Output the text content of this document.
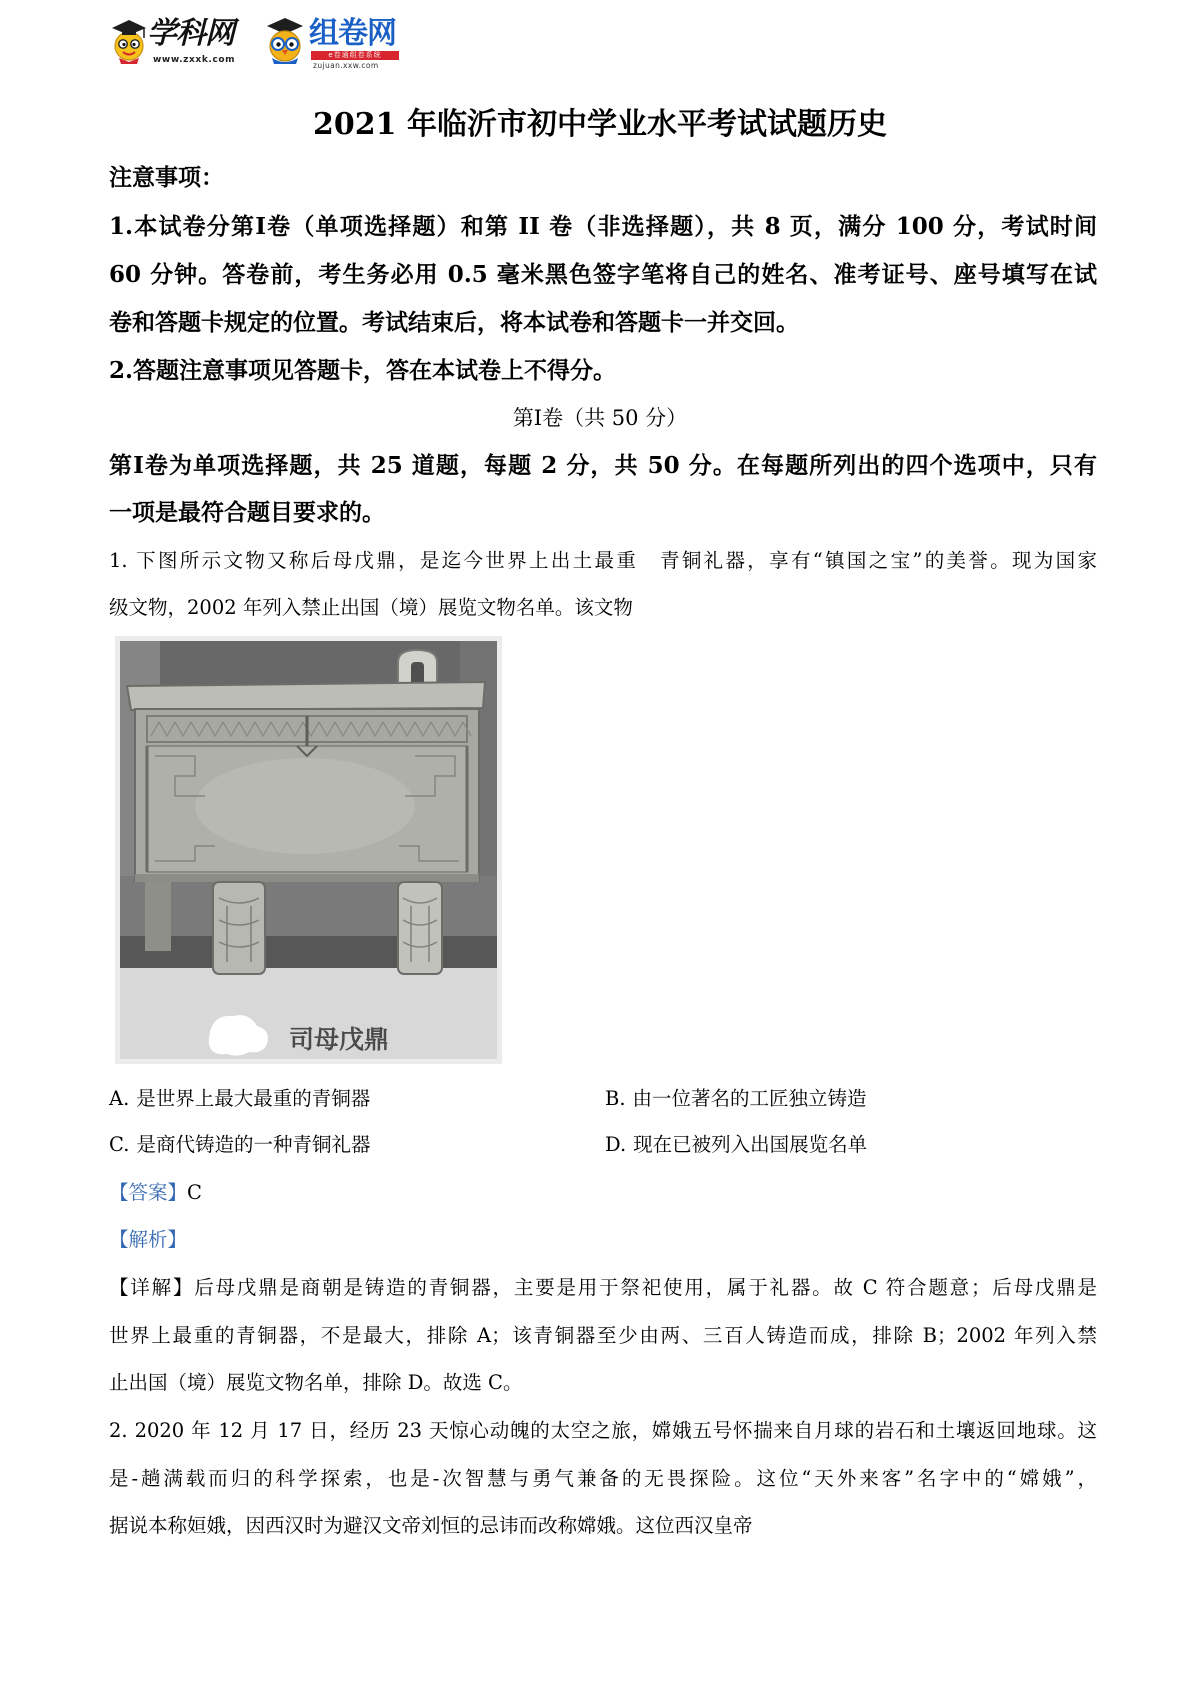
学科网
www.zxxk.com
组卷网
e卷通组卷系统
zujuan.xxw.com
2021 年临沂市初中学业水平考试试题历史
注意事项：
1.本试卷分第Ⅰ卷（单项选择题）和第 II 卷（非选择题），共 8 页，满分 100 分，考试时间
60 分钟。答卷前，考生务必用 0.5 毫米黑色签字笔将自己的姓名、准考证号、座号填写在试
卷和答题卡规定的位置。考试结束后，将本试卷和答题卡一并交回。
2.答题注意事项见答题卡，答在本试卷上不得分。
第Ⅰ卷（共 50 分）
第Ⅰ卷为单项选择题，共 25 道题，每题 2 分，共 50 分。在每题所列出的四个选项中，只有
一项是最符合题目要求的。
1. 下图所示文物又称后母戊鼎，是迄今世界上出土最重　青铜礼器，享有“镇国之宝”的美誉。现为国家
级文物，2002 年列入禁止出国（境）展览文物名单。该文物
司母戊鼎
A. 是世界上最大最重的青铜器	B. 由一位著名的工匠独立铸造
C. 是商代铸造的一种青铜礼器	D. 现在已被列入出国展览名单
【答案】C
【解析】
【详解】后母戊鼎是商朝是铸造的青铜器，主要是用于祭祀使用，属于礼器。故 C 符合题意；后母戊鼎是
世界上最重的青铜器，不是最大，排除 A；该青铜器至少由两、三百人铸造而成，排除 B；2002 年列入禁
止出国（境）展览文物名单，排除 D。故选 C。
2. 2020 年 12 月 17 日，经历 23 天惊心动魄的太空之旅，嫦娥五号怀揣来自月球的岩石和土壤返回地球。这
是-趟满载而归的科学探索，也是-次智慧与勇气兼备的无畏探险。这位“天外来客”名字中的“嫦娥”，
据说本称姮娥，因西汉时为避汉文帝刘恒的忌讳而改称嫦娥。这位西汉皇帝
